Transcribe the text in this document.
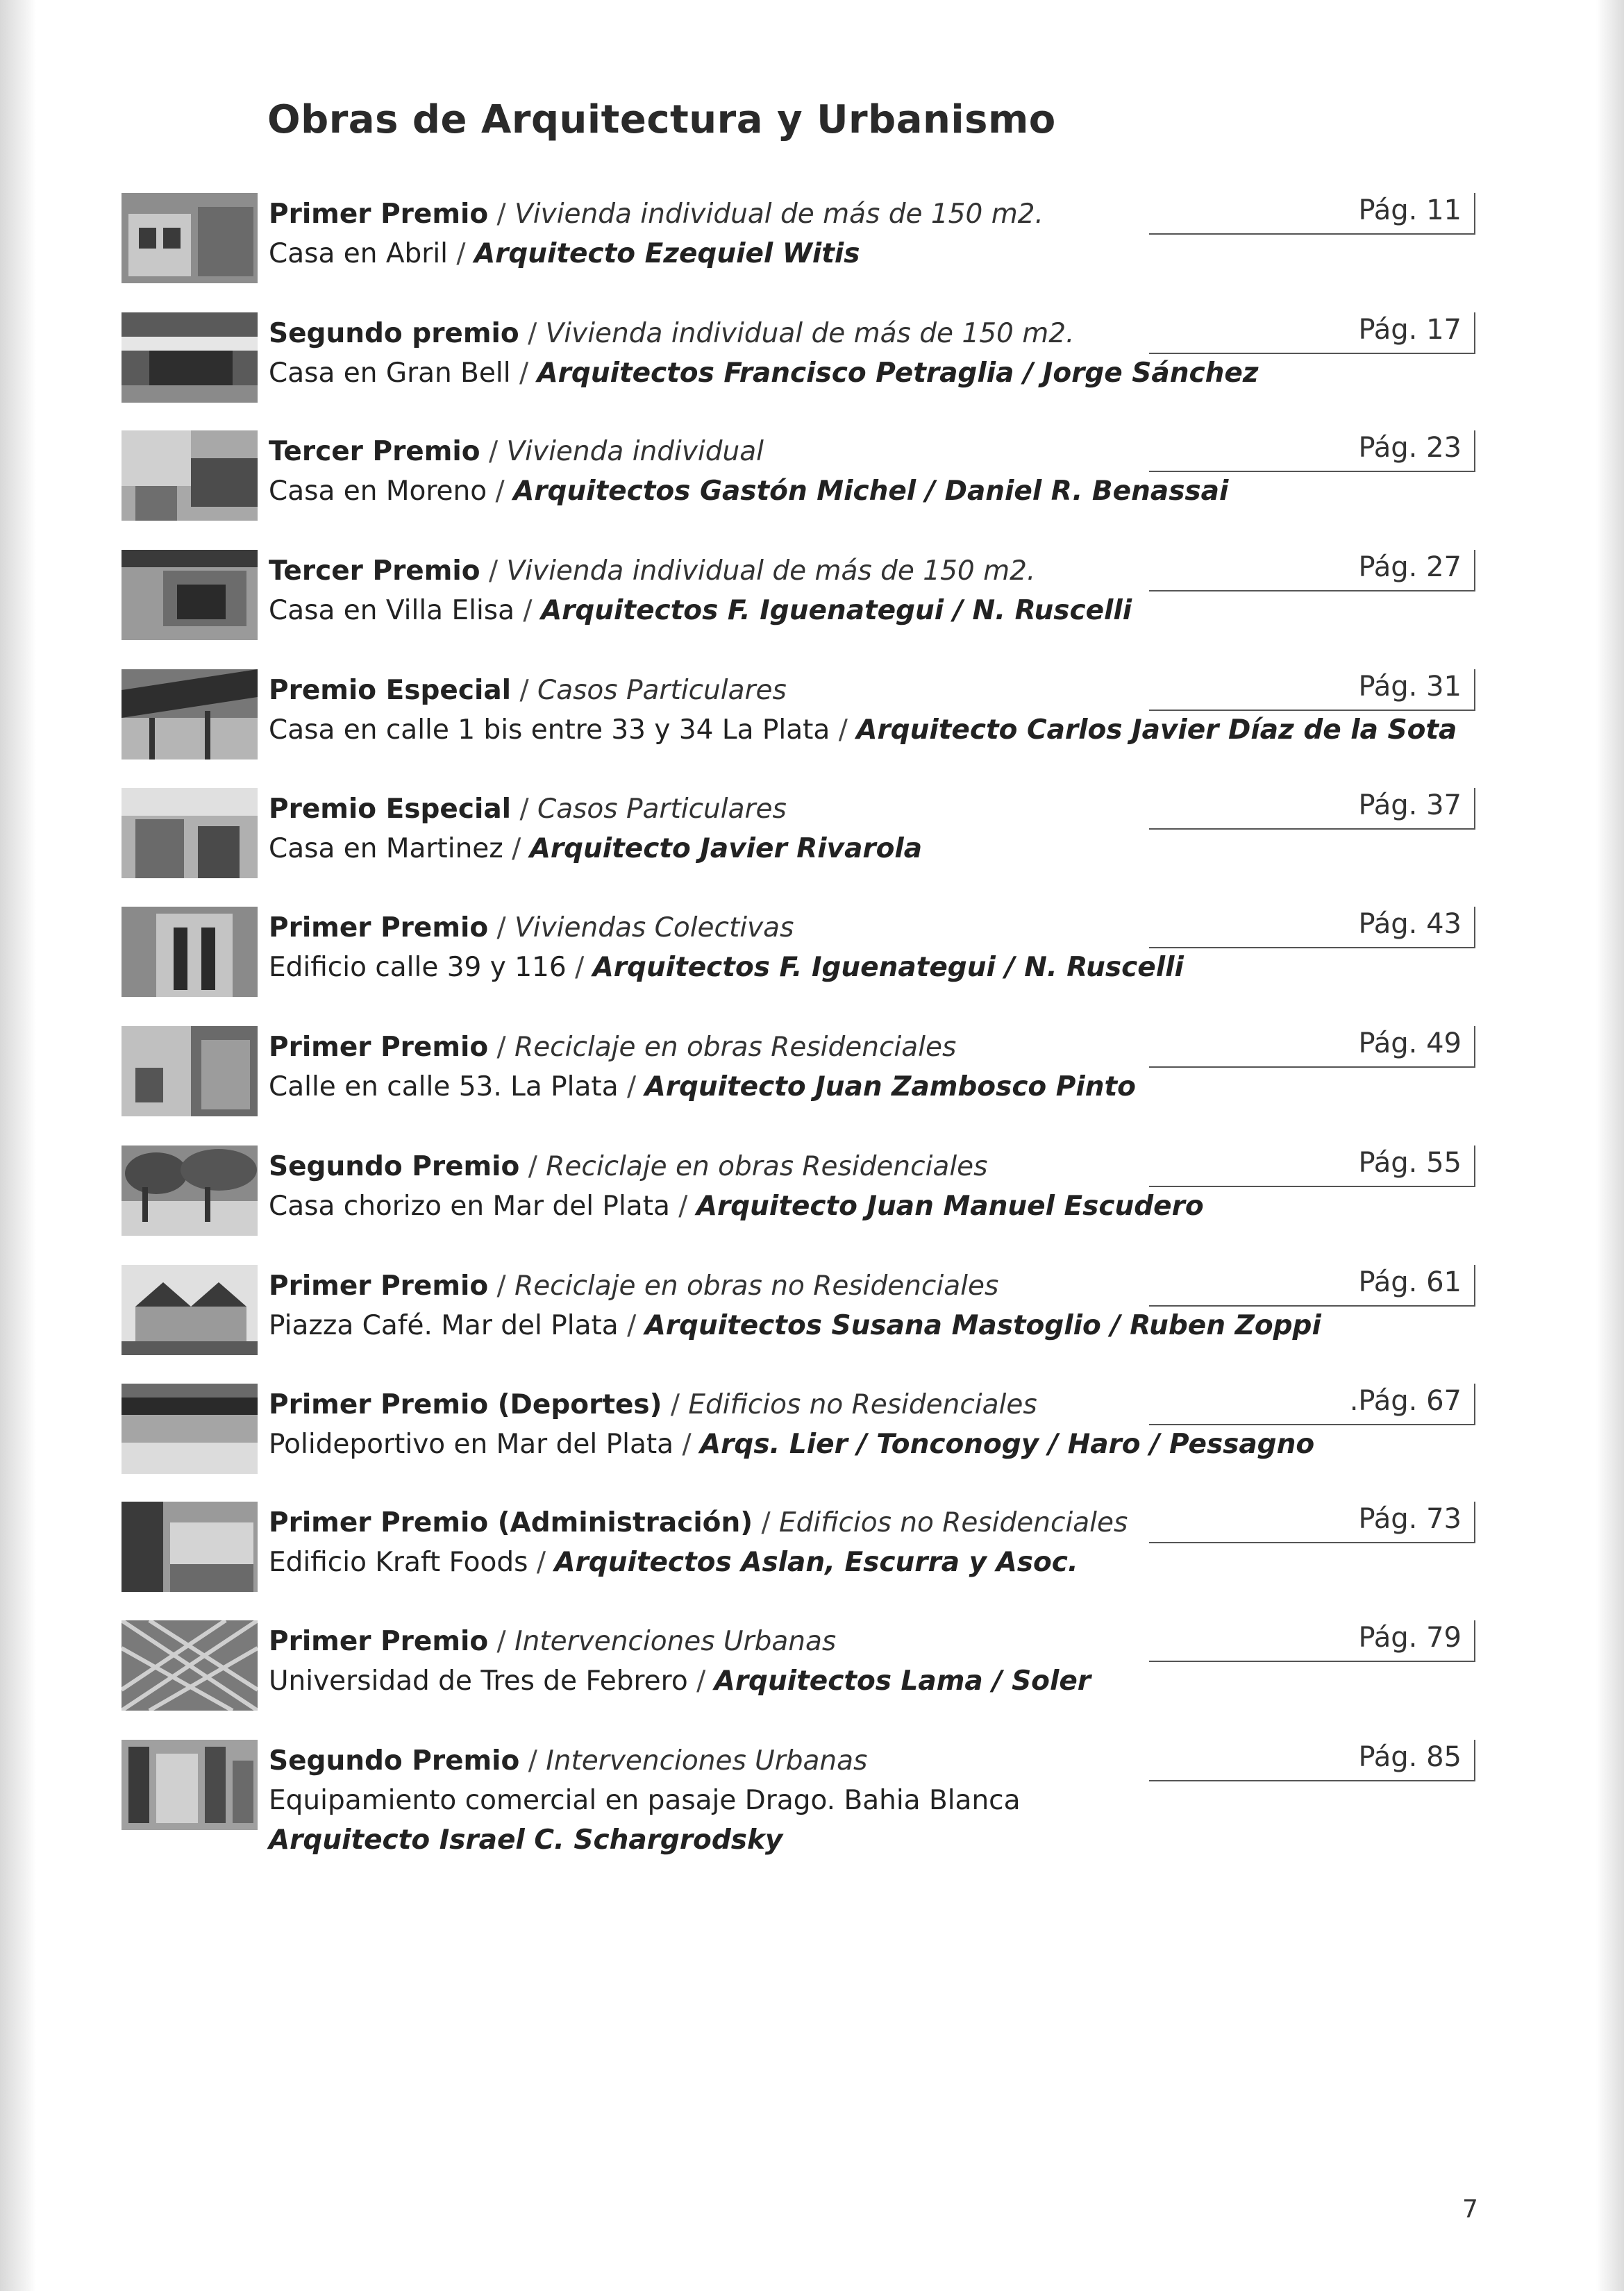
Obras de Arquitectura y Urbanismo
Primer Premio / Vivienda individual de más de 150 m2.
Casa en Abril / Arquitecto Ezequiel Witis
Pág. 11
Segundo premio / Vivienda individual de más de 150 m2.
Casa en Gran Bell / Arquitectos Francisco Petraglia / Jorge Sánchez
Pág. 17
Tercer Premio / Vivienda individual
Casa en Moreno / Arquitectos Gastón Michel / Daniel R. Benassai
Pág. 23
Tercer Premio / Vivienda individual de más de 150 m2.
Casa en Villa Elisa / Arquitectos F. Iguenategui / N. Ruscelli
Pág. 27
Premio Especial / Casos Particulares
Casa en calle 1 bis entre 33 y 34 La Plata / Arquitecto Carlos Javier Díaz de la Sota
Pág. 31
Premio Especial / Casos Particulares
Casa en Martinez / Arquitecto Javier Rivarola
Pág. 37
Primer Premio / Viviendas Colectivas
Edificio calle 39 y 116 / Arquitectos F. Iguenategui / N. Ruscelli
Pág. 43
Primer Premio / Reciclaje en obras Residenciales
Calle en calle 53. La Plata / Arquitecto Juan Zambosco Pinto
Pág. 49
Segundo Premio / Reciclaje en obras Residenciales
Casa chorizo en Mar del Plata / Arquitecto Juan Manuel Escudero
Pág. 55
Primer Premio / Reciclaje en obras no Residenciales
Piazza Café. Mar del Plata / Arquitectos Susana Mastoglio / Ruben Zoppi
Pág. 61
Primer Premio (Deportes) / Edificios no Residenciales
Polideportivo en Mar del Plata / Arqs. Lier / Tonconogy / Haro / Pessagno
.Pág. 67
Primer Premio (Administración) / Edificios no Residenciales
Edificio Kraft Foods / Arquitectos Aslan, Escurra y Asoc.
Pág. 73
Primer Premio / Intervenciones Urbanas
Universidad de Tres de Febrero / Arquitectos Lama / Soler
Pág. 79
Segundo Premio / Intervenciones Urbanas
Equipamiento comercial en pasaje Drago. Bahia Blanca
Arquitecto Israel C. Schargrodsky
Pág. 85
7
